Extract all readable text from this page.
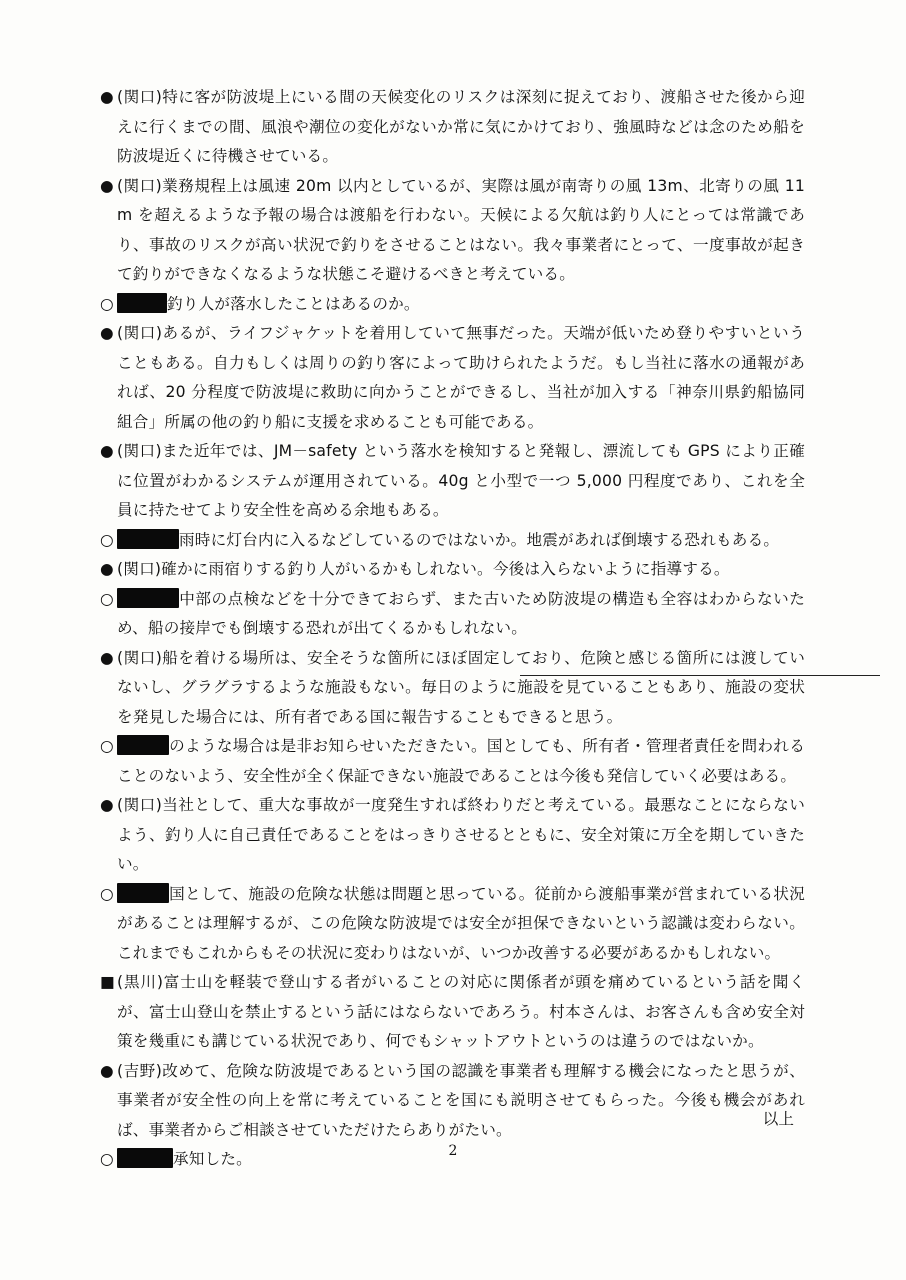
● (関口)特に客が防波堤上にいる間の天候変化のリスクは深刻に捉えており、渡船させた後から迎えに行くまでの間、風浪や潮位の変化がないか常に気にかけており、強風時などは念のため船を防波堤近くに待機させている。
● (関口)業務規程上は風速 20m 以内としているが、実際は風が南寄りの風 13m、北寄りの風 11m を超えるような予報の場合は渡船を行わない。天候による欠航は釣り人にとっては常識であり、事故のリスクが高い状況で釣りをさせることはない。我々事業者にとって、一度事故が起きて釣りができなくなるような状態こそ避けるべきと考えている。
○	釣り人が落水したことはあるのか。
● (関口)あるが、ライフジャケットを着用していて無事だった。天端が低いため登りやすいということもある。自力もしくは周りの釣り客によって助けられたようだ。もし当社に落水の通報があれば、20 分程度で防波堤に救助に向かうことができるし、当社が加入する「神奈川県釣船協同組合」所属の他の釣り船に支援を求めることも可能である。
● (関口)また近年では、JM－safety という落水を検知すると発報し、漂流しても GPS により正確に位置がわかるシステムが運用されている。40g と小型で一つ 5,000 円程度であり、これを全員に持たせてより安全性を高める余地もある。
○	雨時に灯台内に入るなどしているのではないか。地震があれば倒壊する恐れもある。
● (関口)確かに雨宿りする釣り人がいるかもしれない。今後は入らないように指導する。
○	中部の点検などを十分できておらず、また古いため防波堤の構造も全容はわからないため、船の接岸でも倒壊する恐れが出てくるかもしれない。
● (関口)船を着ける場所は、安全そうな箇所にほぼ固定しており、危険と感じる箇所には渡していないし、グラグラするような施設もない。毎日のように施設を見ていることもあり、施設の変状を発見した場合には、所有者である国に報告することもできると思う。
○	のような場合は是非お知らせいただきたい。国としても、所有者・管理者責任を問われることのないよう、安全性が全く保証できない施設であることは今後も発信していく必要はある。
● (関口)当社として、重大な事故が一度発生すれば終わりだと考えている。最悪なことにならないよう、釣り人に自己責任であることをはっきりさせるとともに、安全対策に万全を期していきたい。
○	国として、施設の危険な状態は問題と思っている。従前から渡船事業が営まれている状況があることは理解するが、この危険な防波堤では安全が担保できないという認識は変わらない。これまでもこれからもその状況に変わりはないが、いつか改善する必要があるかもしれない。
■ (黒川)富士山を軽装で登山する者がいることの対応に関係者が頭を痛めているという話を聞くが、富士山登山を禁止するという話にはならないであろう。村本さんは、お客さんも含め安全対策を幾重にも講じている状況であり、何でもシャットアウトというのは違うのではないか。
● (吉野)改めて、危険な防波堤であるという国の認識を事業者も理解する機会になったと思うが、事業者が安全性の向上を常に考えていることを国にも説明させてもらった。今後も機会があれば、事業者からご相談させていただけたらありがたい。
○	承知した。
以上
2
